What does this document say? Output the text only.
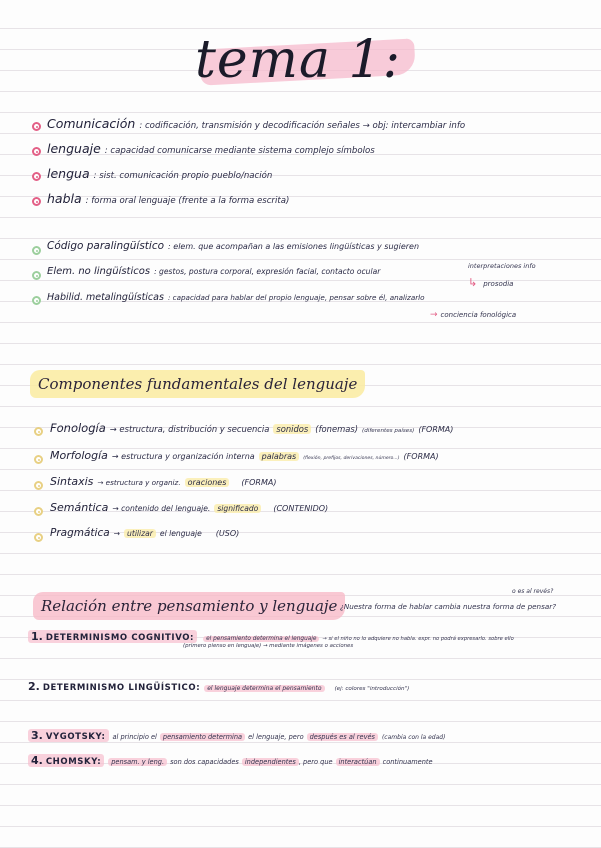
tema 1:
Comunicación : codificación, transmisión y decodificación señales → obj: intercambiar info
lenguaje : capacidad comunicarse mediante sistema complejo símbolos
lengua : sist. comunicación propio pueblo/nación
habla : forma oral lenguaje (frente a la forma escrita)
Código paralingüístico : elem. que acompañan a las emisiones lingüísticas y sugieren
interpretaciones info
Elem. no lingüísticos : gestos, postura corporal, expresión facial, contacto ocular
↳ prosodia
Habilid. metalingüísticas : capacidad para hablar del propio lenguaje, pensar sobre él, analizarlo
→ conciencia fonológica
Componentes fundamentales del lenguaje
Fonología → estructura, distribución y secuencia sonidos (fonemas) (diferentes países) (FORMA)
Morfología → estructura y organización interna palabras	(flexión, prefijos, derivaciones, número...) (FORMA)
Sintaxis → estructura y organiz. oraciones	(FORMA)
Semántica → contenido del lenguaje. significado	(CONTENIDO)
Pragmática → utilizar el lenguaje (USO)
Relación entre pensamiento y lenguaje
o es al revés?
¿Nuestra forma de hablar cambia nuestra forma de pensar?
1. DETERMINISMO COGNITIVO:	el pensamiento determina el lenguaje	→ si el niño no lo adquiere no habla. expr. no podrá expresarlo. sobre ello
(primero pienso en lenguaje) → mediante imágenes o acciones
2. DETERMINISMO LINGÜÍSTICO:	el lenguaje determina el pensamiento	(ej: colores "introducción")
3. VYGOTSKY: al principio el pensamiento determina el lenguaje, pero después es al revés	(cambia con la edad)
4. CHOMSKY:	pensam. y leng. son dos capacidades independientes , pero que interactúan continuamente
